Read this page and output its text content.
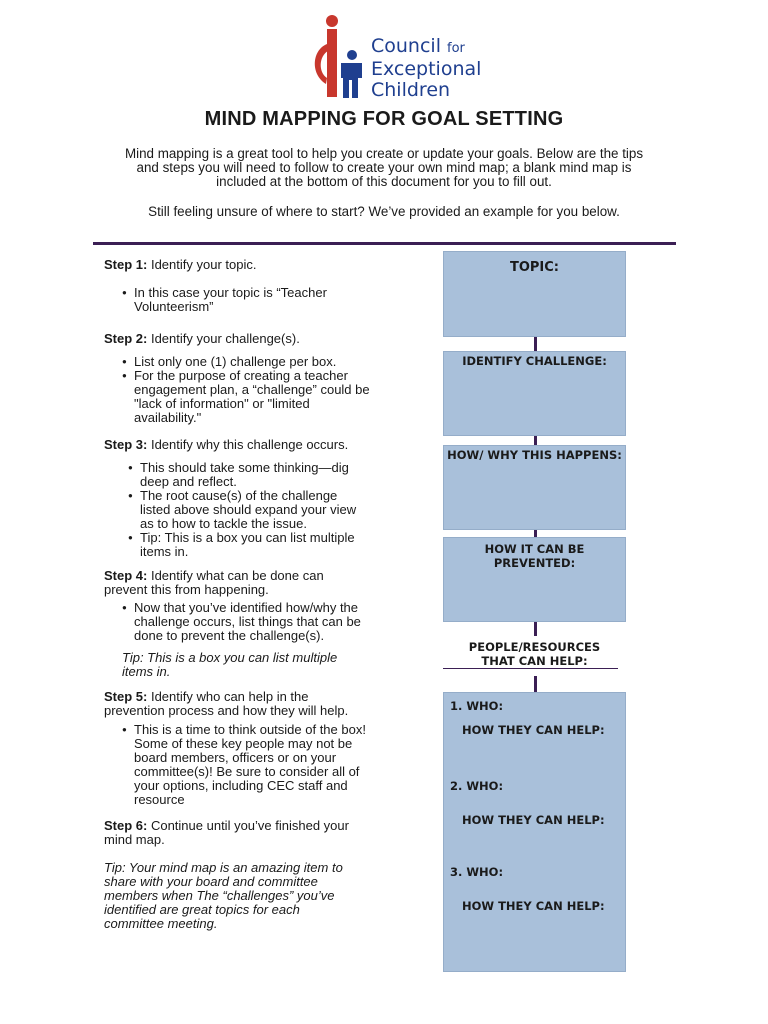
Council for
Exceptional
Children
MIND MAPPING FOR GOAL SETTING
Mind mapping is a great tool to help you create or update your goals. Below are the tips
and steps you will need to follow to create your own mind map; a blank mind map is
included at the bottom of this document for you to fill out.
Still feeling unsure of where to start? We’ve provided an example for you below.
Step 1: Identify your topic.
● In this case your topic is “Teacher
Volunteerism”
Step 2: Identify your challenge(s).
● List only one (1) challenge per box.
● For the purpose of creating a teacher
engagement plan, a “challenge” could be
"lack of information" or "limited
availability."
Step 3: Identify why this challenge occurs.
● This should take some thinking—dig
deep and reflect.
● The root cause(s) of the challenge
listed above should expand your view
as to how to tackle the issue.
● Tip: This is a box you can list multiple
items in.
Step 4: Identify what can be done can
prevent this from happening.
● Now that you’ve identified how/why the
challenge occurs, list things that can be
done to prevent the challenge(s).
Tip: This is a box you can list multiple
items in.
Step 5: Identify who can help in the
prevention process and how they will help.
● This is a time to think outside of the box!
Some of these key people may not be
board members, officers or on your
committee(s)! Be sure to consider all of
your options, including CEC staff and
resource
Step 6: Continue until you’ve finished your
mind map.
Tip: Your mind map is an amazing item to
share with your board and committee
members when The “challenges” you’ve
identified are great topics for each
committee meeting.
TOPIC:
IDENTIFY CHALLENGE:
HOW/ WHY THIS HAPPENS:
HOW IT CAN BE PREVENTED:
PEOPLE/RESOURCES
THAT CAN HELP:
1. WHO:
HOW THEY CAN HELP:
2. WHO:
HOW THEY CAN HELP:
3. WHO:
HOW THEY CAN HELP:
